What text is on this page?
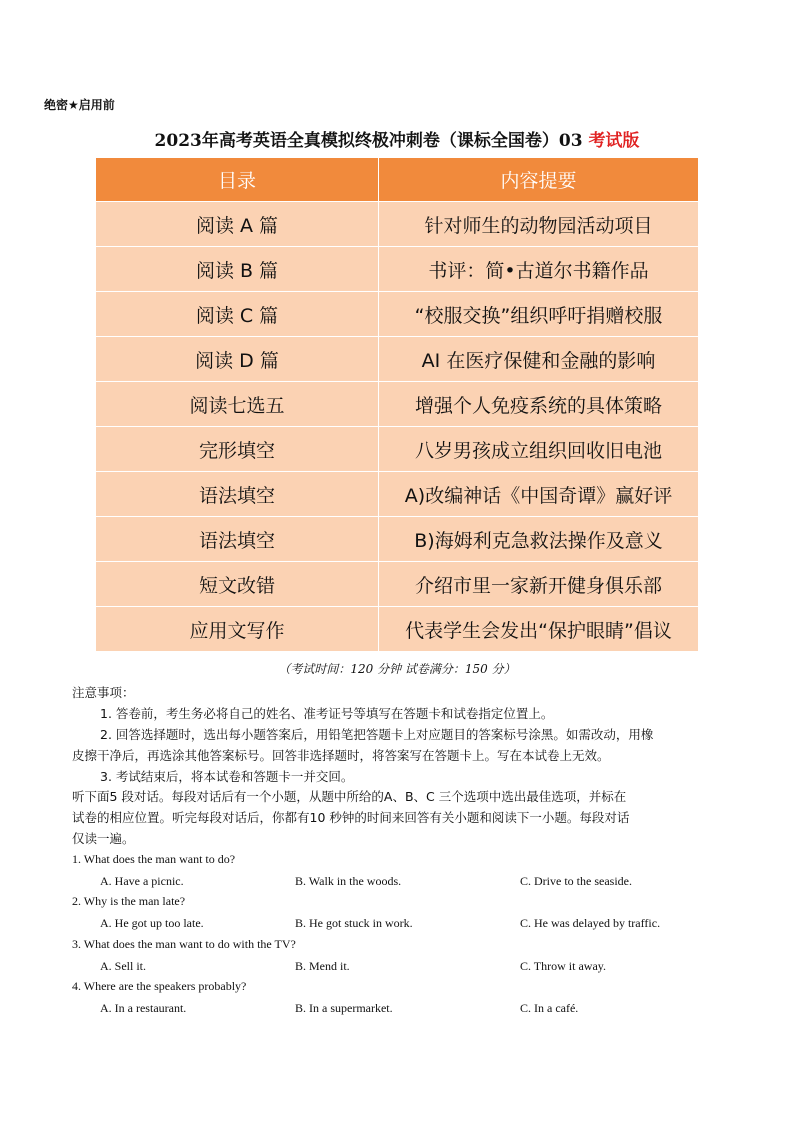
绝密★启用前
2023年高考英语全真模拟终极冲刺卷（课标全国卷）03 考试版
目录	内容提要
阅读 A 篇	针对师生的动物园活动项目
阅读 B 篇	书评：简•古道尔书籍作品
阅读 C 篇	“校服交换”组织呼吁捐赠校服
阅读 D 篇	AI 在医疗保健和金融的影响
阅读七选五	增强个人免疫系统的具体策略
完形填空	八岁男孩成立组织回收旧电池
语法填空	A)改编神话《中国奇谭》赢好评
语法填空	B)海姆利克急救法操作及意义
短文改错	介绍市里一家新开健身俱乐部
应用文写作	代表学生会发出“保护眼睛”倡议
（考试时间：120 分钟 试卷满分：150 分）
注意事项：
1. 答卷前，考生务必将自己的姓名、准考证号等填写在答题卡和试卷指定位置上。
2. 回答选择题时，选出每小题答案后，用铅笔把答题卡上对应题目的答案标号涂黑。如需改动，用橡
皮擦干净后，再选涂其他答案标号。回答非选择题时，将答案写在答题卡上。写在本试卷上无效。
3. 考试结束后，将本试卷和答题卡一并交回。
听下面5 段对话。每段对话后有一个小题，从题中所给的A、B、C 三个选项中选出最佳选项，并标在
试卷的相应位置。听完每段对话后，你都有10 秒钟的时间来回答有关小题和阅读下一小题。每段对话
仅读一遍。
1. What does the man want to do?
A. Have a picnic.	B. Walk in the woods.	C. Drive to the seaside.
2. Why is the man late?
A. He got up too late.	B. He got stuck in work.	C. He was delayed by traffic.
3. What does the man want to do with the TV?
A. Sell it.	B. Mend it.	C. Throw it away.
4. Where are the speakers probably?
A. In a restaurant.	B. In a supermarket.	C. In a café.
